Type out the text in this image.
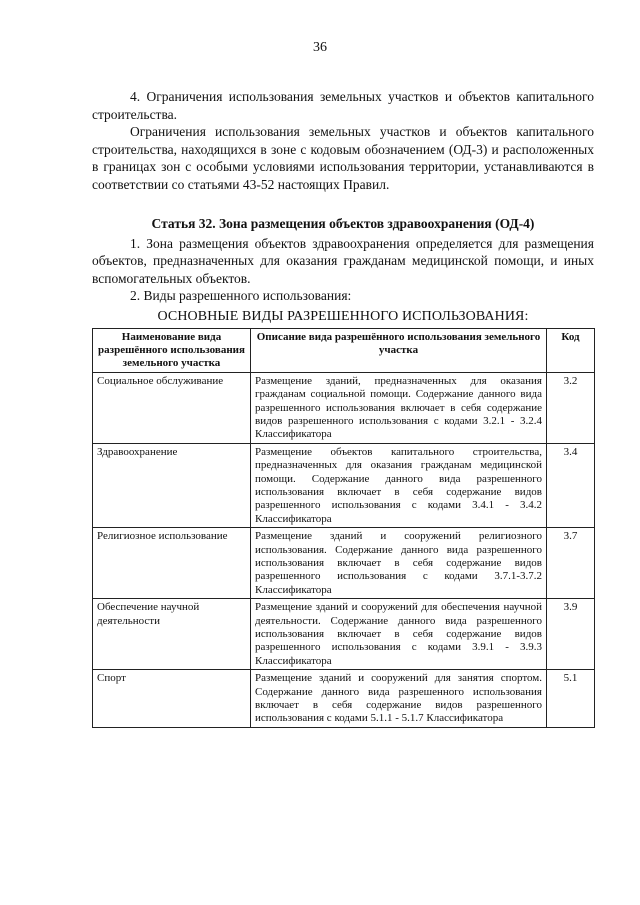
36

4. Ограничения использования земельных участков и объектов капитального строительства.

Ограничения использования земельных участков и объектов капитального строительства, находящихся в зоне с кодовым обозначением (ОД-3) и расположенных в границах зон с особыми условиями использования территории, устанавливаются в соответствии со статьями 43-52 настоящих Правил.

Статья 32. Зона размещения объектов здравоохранения (ОД-4)

1. Зона размещения объектов здравоохранения определяется для размещения объектов, предназначенных для оказания гражданам медицинской помощи, и иных вспомогательных объектов.

2. Виды разрешенного использования:

ОСНОВНЫЕ ВИДЫ РАЗРЕШЕННОГО ИСПОЛЬЗОВАНИЯ:
Наименование вида разрешённого использования земельного участка	Описание вида разрешённого использования земельного участка	Код
Социальное обслуживание	Размещение зданий, предназначенных для оказания гражданам социальной помощи. Содержание данного вида разрешенного использования включает в себя содержание видов разрешенного использования с кодами 3.2.1 - 3.2.4 Классификатора	3.2
Здравоохранение	Размещение объектов капитального строительства, предназначенных для оказания гражданам медицинской помощи. Содержание данного вида разрешенного использования включает в себя содержание видов разрешенного использования с кодами 3.4.1 - 3.4.2 Классификатора	3.4
Религиозное использование	Размещение зданий и сооружений религиозного использования. Содержание данного вида разрешенного использования включает в себя содержание видов разрешенного использования с кодами 3.7.1-3.7.2 Классификатора	3.7
Обеспечение научной деятельности	Размещение зданий и сооружений для обеспечения научной деятельности. Содержание данного вида разрешенного использования включает в себя содержание видов разрешенного использования с кодами 3.9.1 - 3.9.3 Классификатора	3.9
Спорт	Размещение зданий и сооружений для занятия спортом. Содержание данного вида разрешенного использования включает в себя содержание видов разрешенного использования с кодами 5.1.1 - 5.1.7 Классификатора	5.1
